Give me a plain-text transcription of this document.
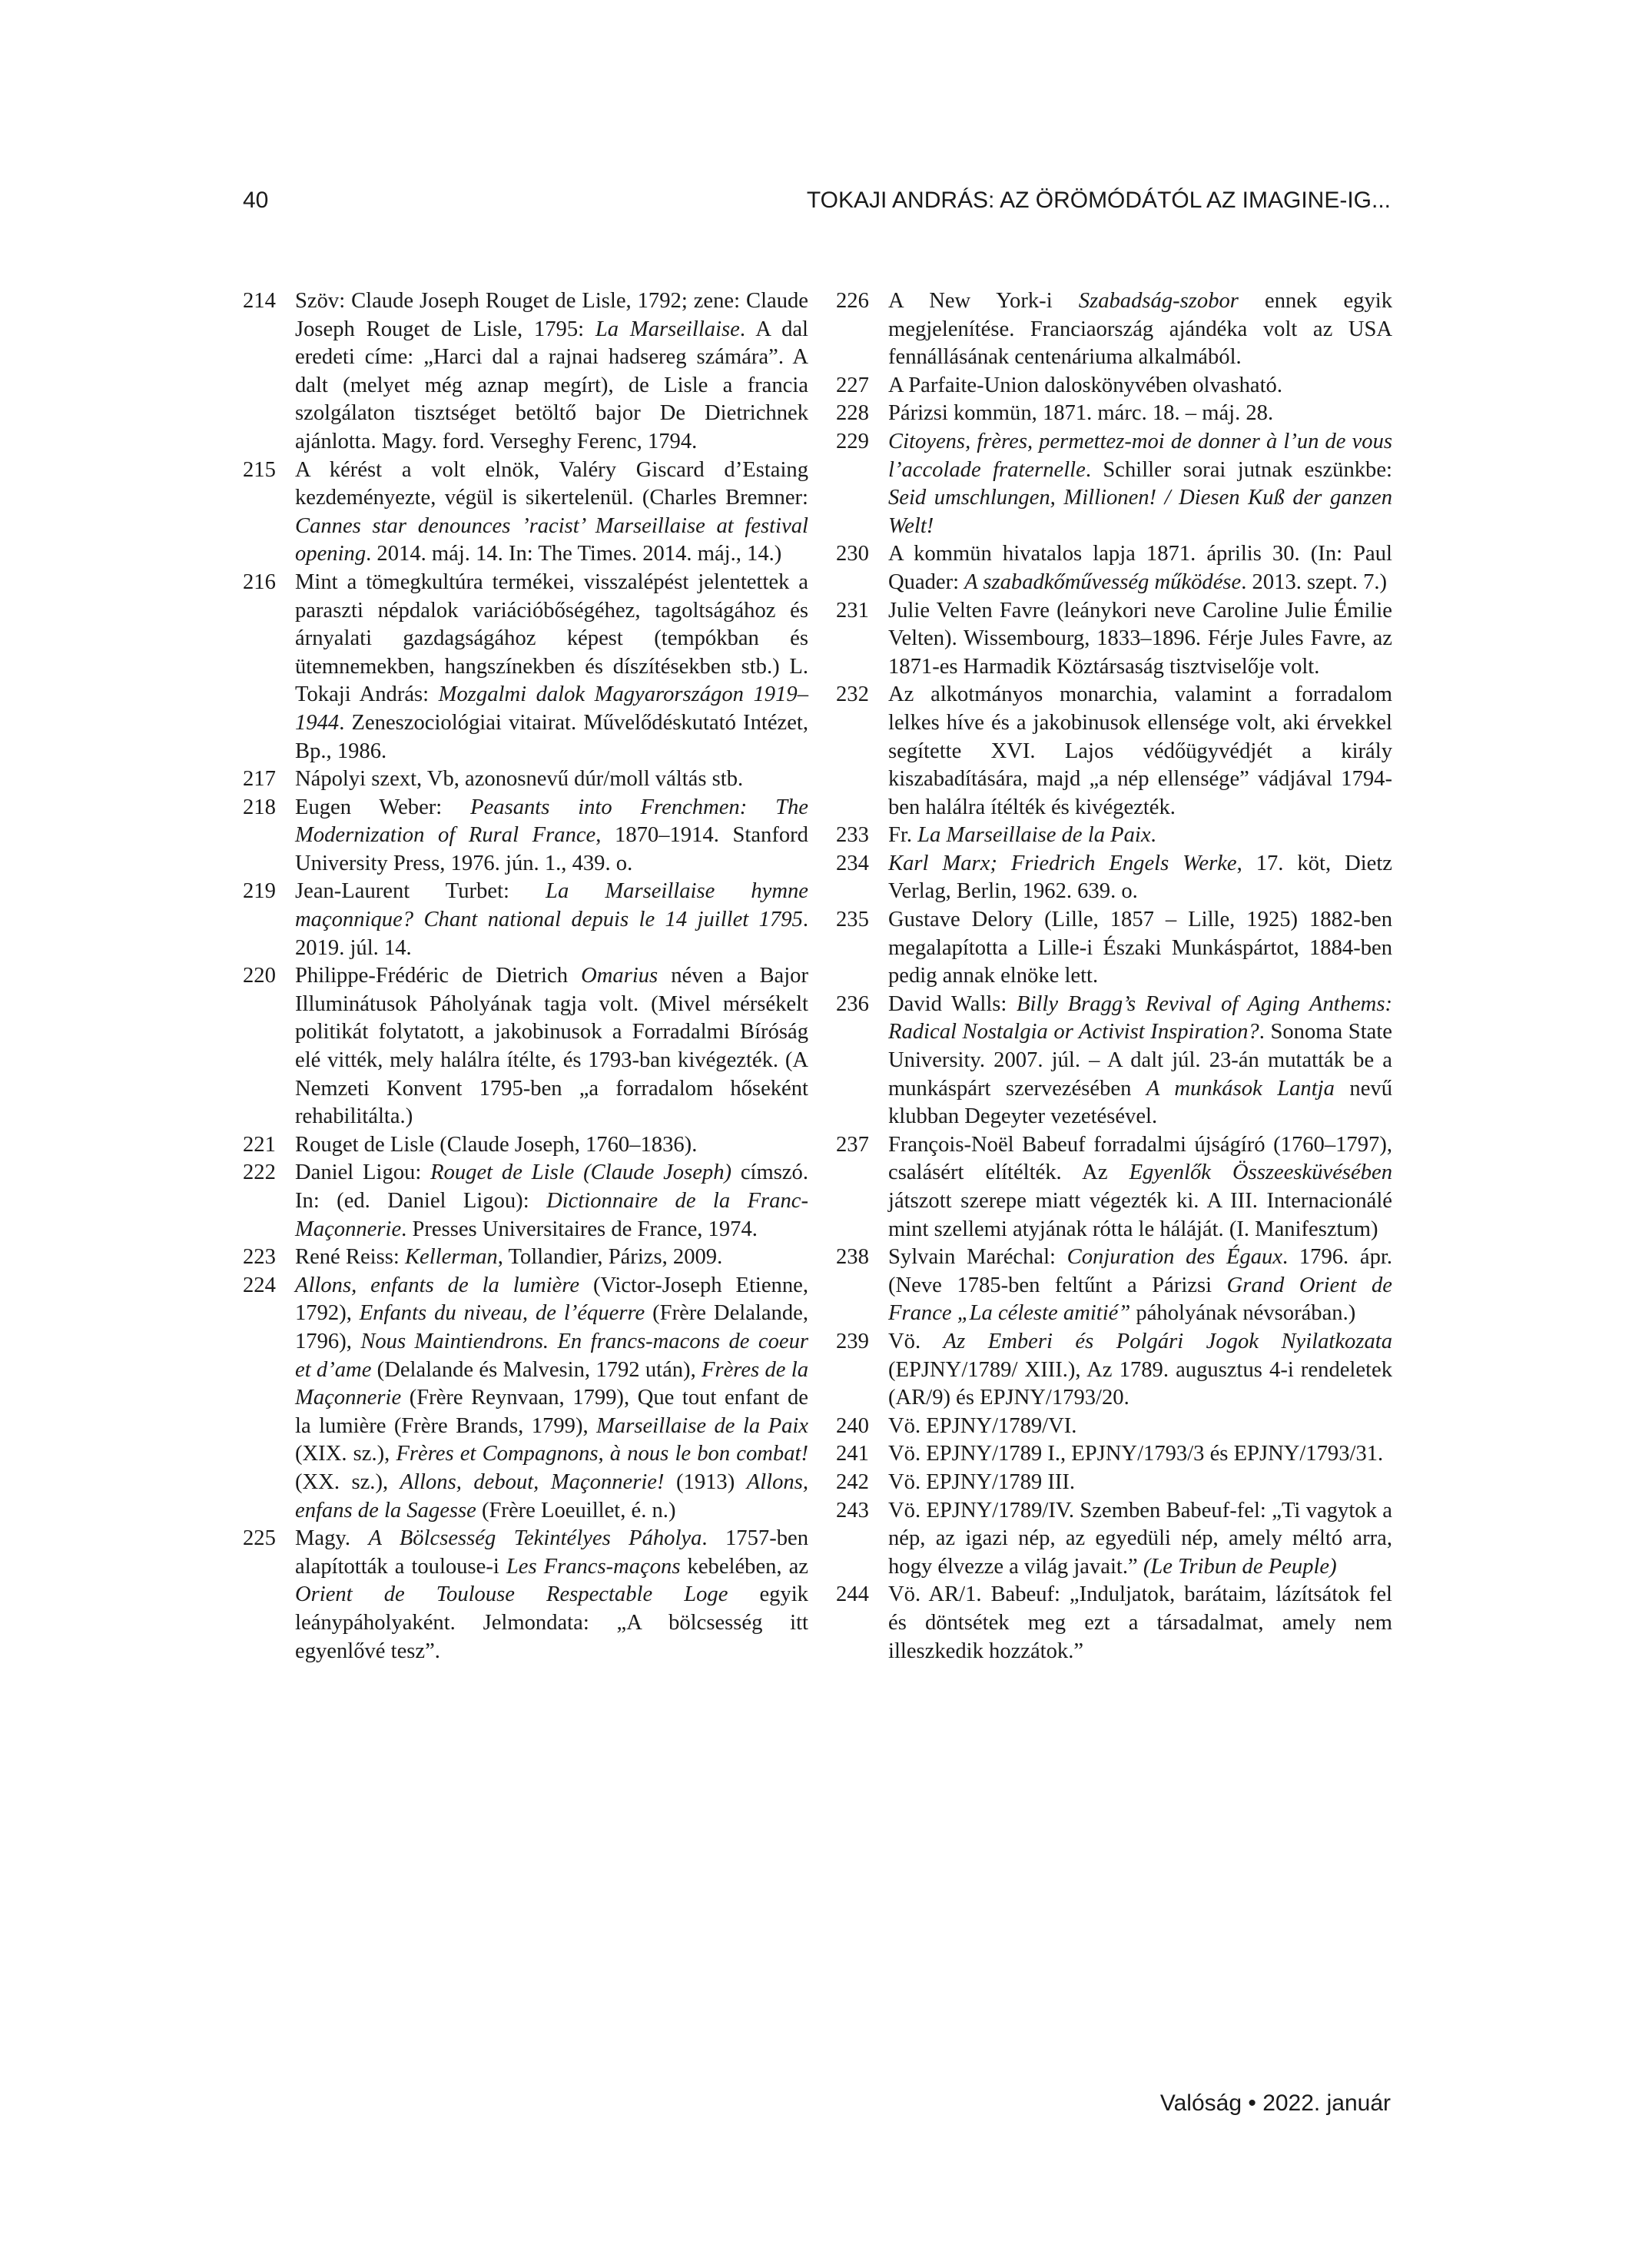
40	TOKAJI ANDRÁS: AZ ÖRÖMÓDÁTÓL AZ IMAGINE-IG...

214 Szöv: Claude Joseph Rouget de Lisle, 1792; zene: Claude Joseph Rouget de Lisle, 1795: La Marseillaise. A dal eredeti címe: „Harci dal a rajnai hadsereg számára”. A dalt (melyet még aznap megírt), de Lisle a francia szolgálaton tisztséget betöltő bajor De Dietrichnek ajánlotta. Magy. ford. Verseghy Ferenc, 1794.

215 A kérést a volt elnök, Valéry Giscard d’Estaing kezdeményezte, végül is sikertelenül. (Charles Bremner: Cannes star denounces ’racist’ Marseillaise at festival opening. 2014. máj. 14. In: The Times. 2014. máj., 14.)

216 Mint a tömegkultúra termékei, visszalépést jelentettek a paraszti népdalok variációbőségéhez, tagoltságához és árnyalati gazdagságához képest (tempókban és ütemnemekben, hangszínekben és díszítésekben stb.) L. Tokaji András: Mozgalmi dalok Magyarországon 1919–1944. Zeneszociológiai vitairat. Művelődéskutató Intézet, Bp., 1986.

217 Nápolyi szext, Vb, azonosnevű dúr/moll váltás stb.

218 Eugen Weber: Peasants into Frenchmen: The Modernization of Rural France, 1870–1914. Stanford University Press, 1976. jún. 1., 439. o.

219 Jean-Laurent Turbet: La Marseillaise hymne maçonnique? Chant national depuis le 14 juillet 1795. 2019. júl. 14.

220 Philippe-Frédéric de Dietrich Omarius néven a Bajor Illuminátusok Páholyának tagja volt. (Mivel mérsékelt politikát folytatott, a jakobinusok a Forradalmi Bíróság elé vitték, mely halálra ítélte, és 1793-ban kivégezték. (A Nemzeti Konvent 1795-ben „a forradalom hőseként rehabilitálta.)

221 Rouget de Lisle (Claude Joseph, 1760–1836).

222 Daniel Ligou: Rouget de Lisle (Claude Joseph) címszó. In: (ed. Daniel Ligou): Dictionnaire de la Franc-Maçonnerie. Presses Universitaires de France, 1974.

223 René Reiss: Kellerman, Tollandier, Párizs, 2009.

224 Allons, enfants de la lumière (Victor-Joseph Etienne, 1792), Enfants du niveau, de l’équerre (Frère Delalande, 1796), Nous Maintiendrons. En francs-macons de coeur et d’ame (Delalande és Malvesin, 1792 után), Frères de la Maçonnerie (Frère Reynvaan, 1799), Que tout enfant de la lumière (Frère Brands, 1799), Marseillaise de la Paix (XIX. sz.), Frères et Compagnons, à nous le bon combat! (XX. sz.), Allons, debout, Maçonnerie! (1913) Allons, enfans de la Sagesse (Frère Loeuillet, é. n.)

225 Magy. A Bölcsesség Tekintélyes Páholya. 1757-ben alapították a toulouse-i Les Francs-maçons kebelében, az Orient de Toulouse Respectable Loge egyik leánypáholyaként. Jelmondata: „A bölcsesség itt egyenlővé tesz”.

226 A New York-i Szabadság-szobor ennek egyik megjelenítése. Franciaország ajándéka volt az USA fennállásának centenáriuma alkalmából.

227 A Parfaite-Union daloskönyvében olvasható.

228 Párizsi kommün, 1871. márc. 18. – máj. 28.

229 Citoyens, frères, permettez-moi de donner à l’un de vous l’accolade fraternelle. Schiller sorai jutnak eszünkbe: Seid umschlungen, Millionen! / Diesen Kuß der ganzen Welt!

230 A kommün hivatalos lapja 1871. április 30. (In: Paul Quader: A szabadkőművesség működése. 2013. szept. 7.)

231 Julie Velten Favre (leánykori neve Caroline Julie Émilie Velten). Wissembourg, 1833–1896. Férje Jules Favre, az 1871-es Harmadik Köztársaság tisztviselője volt.

232 Az alkotmányos monarchia, valamint a forradalom lelkes híve és a jakobinusok ellensége volt, aki érvekkel segítette XVI. Lajos védőügyvédjét a király kiszabadítására, majd „a nép ellensége” vádjával 1794-ben halálra ítélték és kivégezték.

233 Fr. La Marseillaise de la Paix.

234 Karl Marx; Friedrich Engels Werke, 17. köt, Dietz Verlag, Berlin, 1962. 639. o.

235 Gustave Delory (Lille, 1857 – Lille, 1925) 1882-ben megalapította a Lille-i Északi Munkáspártot, 1884-ben pedig annak elnöke lett.

236 David Walls: Billy Bragg’s Revival of Aging Anthems: Radical Nostalgia or Activist Inspiration?. Sonoma State University. 2007. júl. – A dalt júl. 23-án mutatták be a munkáspárt szervezésében A munkások Lantja nevű klubban Degeyter vezetésével.

237 François-Noël Babeuf forradalmi újságíró (1760–1797), csalásért elítélték. Az Egyenlők Összeesküvésében játszott szerepe miatt végezték ki. A III. Internacionálé mint szellemi atyjának rótta le háláját. (I. Manifesztum)

238 Sylvain Maréchal: Conjuration des Égaux. 1796. ápr. (Neve 1785-ben feltűnt a Párizsi Grand Orient de France „La céleste amitié” páholyának névsorában.)

239 Vö. Az Emberi és Polgári Jogok Nyilatkozata (EPJNY/1789/ XIII.), Az 1789. augusztus 4-i rendeletek (AR/9) és EPJNY/1793/20.

240 Vö. EPJNY/1789/VI.

241 Vö. EPJNY/1789 I., EPJNY/1793/3 és EPJNY/1793/31.

242 Vö. EPJNY/1789 III.

243 Vö. EPJNY/1789/IV. Szemben Babeuf-fel: „Ti vagytok a nép, az igazi nép, az egyedüli nép, amely méltó arra, hogy élvezze a világ javait.” (Le Tribun de Peuple)

244 Vö. AR/1. Babeuf: „Induljatok, barátaim, lázítsátok fel és döntsétek meg ezt a társadalmat, amely nem illeszkedik hozzátok.”

Valóság • 2022. január
